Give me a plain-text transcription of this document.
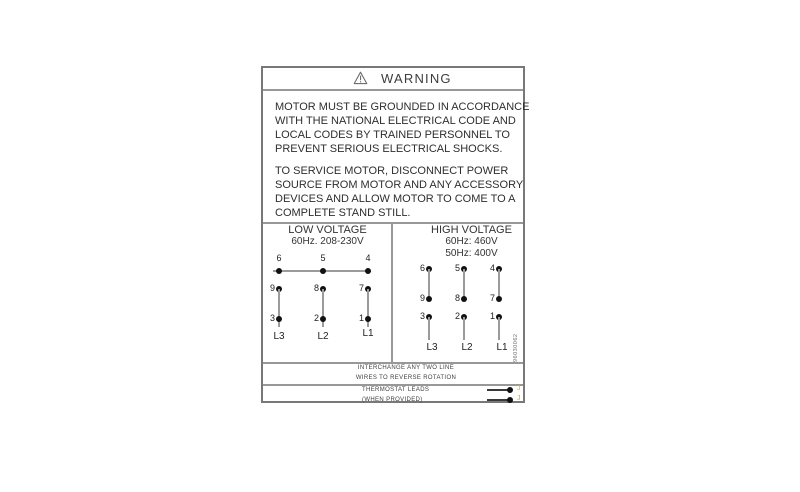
WARNING
MOTOR MUST BE GROUNDED IN ACCORDANCE
WITH THE NATIONAL ELECTRICAL CODE AND
LOCAL CODES BY TRAINED PERSONNEL TO
PREVENT SERIOUS ELECTRICAL SHOCKS.
TO SERVICE MOTOR, DISCONNECT POWER
SOURCE FROM MOTOR AND ANY ACCESSORY
DEVICES AND ALLOW MOTOR TO COME TO A
COMPLETE STAND STILL.
LOW VOLTAGE
60Hz. 208-230V
6	5	4
9	8	7
3	2	1
L3	L2	L1
HIGH VOLTAGE
60Hz: 460V
50Hz: 400V
6	5	4
9	8	7
3	2	1
L3	L2	L1 96030062
INTERCHANGE ANY TWO LINE
WIRES TO REVERSE ROTATION
THERMOSTAT LEADS
(WHEN PROVIDED)
J
J
